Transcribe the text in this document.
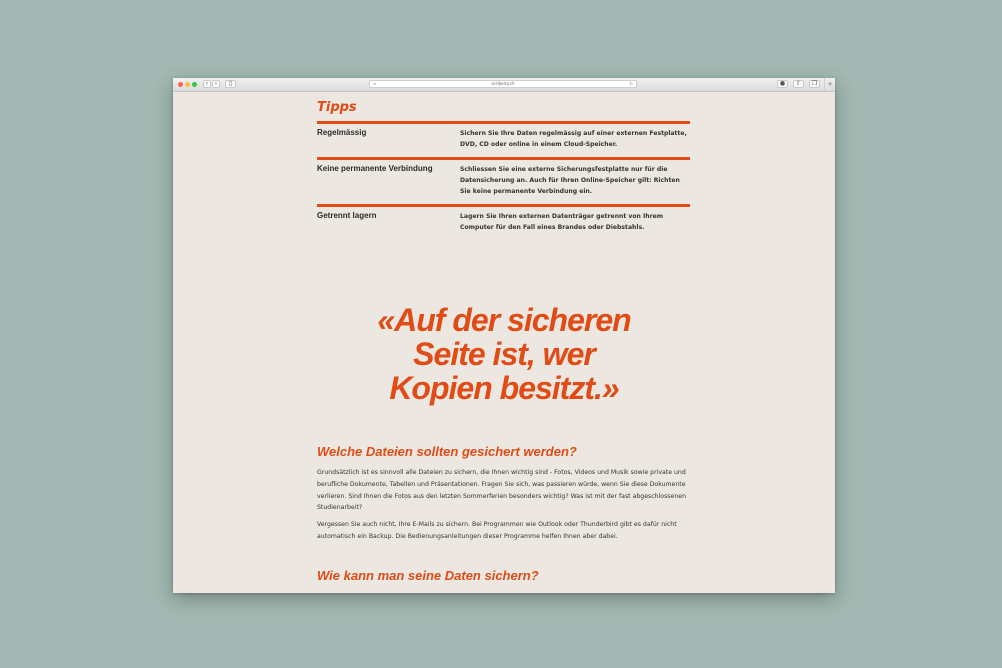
‹	›	▯	≡	ai-liberty.ch	↻	●	⇧	❐	+
Tipps
Regelmässig	Sichern Sie Ihre Daten regelmässig auf einer externen Festplatte, DVD, CD oder online in einem Cloud-Speicher.
Keine permanente Verbindung	Schliessen Sie eine externe Sicherungsfestplatte nur für die Datensicherung an. Auch für Ihren Online-Speicher gilt: Richten Sie keine permanente Verbindung ein.
Getrennt lagern	Lagern Sie Ihren externen Datenträger getrennt von Ihrem Computer für den Fall eines Brandes oder Diebstahls.
«Auf der sicheren
Seite ist, wer
Kopien besitzt.»
Welche Dateien sollten gesichert werden?

Grundsätzlich ist es sinnvoll alle Dateien zu sichern, die Ihnen wichtig sind - Fotos, Videos und Musik sowie private und berufliche Dokumente, Tabellen und Präsentationen. Fragen Sie sich, was passieren würde, wenn Sie diese Dokumente verlieren. Sind Ihnen die Fotos aus den letzten Sommerferien besonders wichtig? Was ist mit der fast abgeschlossenen Studienarbeit?

Vergessen Sie auch nicht, Ihre E-Mails zu sichern. Bei Programmen wie Outlook oder Thunderbird gibt es dafür nicht automatisch ein Backup. Die Bedienungsanleitungen dieser Programme helfen Ihnen aber dabei.

Wie kann man seine Daten sichern?
